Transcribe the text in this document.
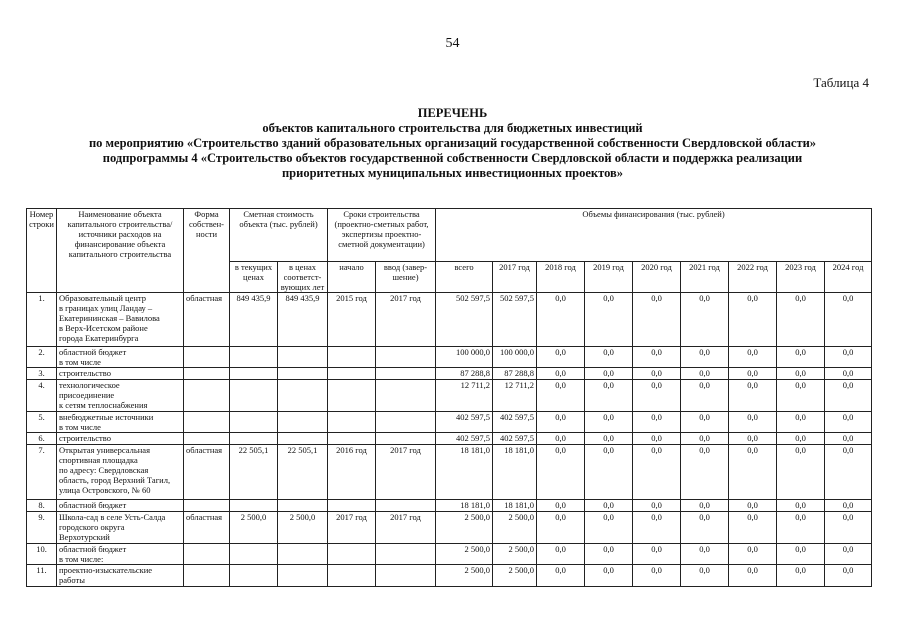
54
Таблица 4
ПЕРЕЧЕНЬ
объектов капитального строительства для бюджетных инвестиций
по мероприятию «Строительство зданий образовательных организаций государственной собственности Свердловской области»
подпрограммы 4 «Строительство объектов государственной собственности Свердловской области и поддержка реализации
приоритетных муниципальных инвестиционных проектов»
Номер строки	Наименование объекта капитального строительства/ источники расходов на финансирование объекта капитального строительства	Форма собствен-ности	Сметная стоимость объекта (тыс. рублей)		Сроки строительства (проектно-сметных работ, экспертизы проектно-сметной документации)		Объемы финансирования (тыс. рублей)								
			в текущих ценах	в ценах соответст-вующих лет	начало	ввод (завер-шение)	всего	2017 год	2018 год	2019 год	2020 год	2021 год	2022 год	2023 год	2024 год
1.	Образовательный центр
в границах улиц Ландау –
Екатерининская – Вавилова
в Верх-Исетском районе
города Екатеринбурга	областная	849 435,9	849 435,9	2015 год	2017 год	502 597,5	502 597,5	0,0	0,0	0,0	0,0	0,0	0,0	0,0
2.	областной бюджет
в том числе						100 000,0	100 000,0	0,0	0,0	0,0	0,0	0,0	0,0	0,0
3.	строительство						87 288,8	87 288,8	0,0	0,0	0,0	0,0	0,0	0,0	0,0
4.	технологическое
присоединение
к сетям теплоснабжения						12 711,2	12 711,2	0,0	0,0	0,0	0,0	0,0	0,0	0,0
5.	внебюджетные источники
в том числе						402 597,5	402 597,5	0,0	0,0	0,0	0,0	0,0	0,0	0,0
6.	строительство						402 597,5	402 597,5	0,0	0,0	0,0	0,0	0,0	0,0	0,0
7.	Открытая универсальная
спортивная площадка
по адресу: Свердловская
область, город Верхний Тагил,
улица Островского, № 60	областная	22 505,1	22 505,1	2016 год	2017 год	18 181,0	18 181,0	0,0	0,0	0,0	0,0	0,0	0,0	0,0
8.	областной бюджет						18 181,0	18 181,0	0,0	0,0	0,0	0,0	0,0	0,0	0,0
9.	Школа-сад в селе Усть-Салда
городского округа
Верхотурский	областная	2 500,0	2 500,0	2017 год	2017 год	2 500,0	2 500,0	0,0	0,0	0,0	0,0	0,0	0,0	0,0
10.	областной бюджет
в том числе:						2 500,0	2 500,0	0,0	0,0	0,0	0,0	0,0	0,0	0,0
11.	проектно-изыскательские
работы						2 500,0	2 500,0	0,0	0,0	0,0	0,0	0,0	0,0	0,0
